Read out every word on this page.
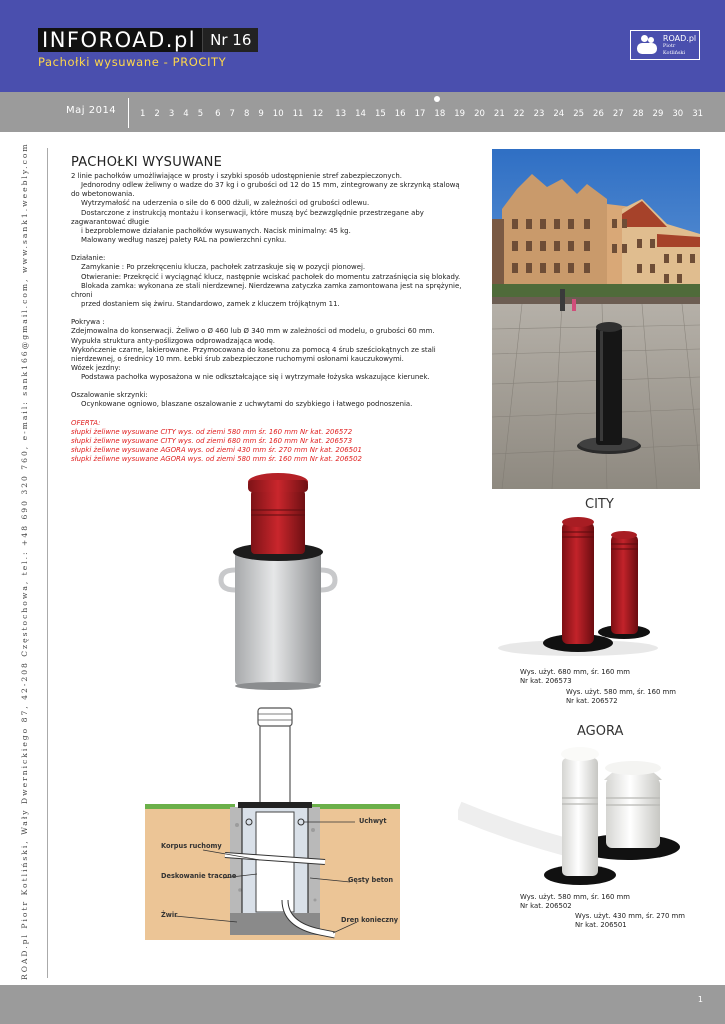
INFOROAD.pl Nr 16
Pachołki wysuwane - PROCITY
ROAD.pl
Piotr Kotliński
Maj 2014	1 2 3 4 5 6 7 8 9 10 11 12 13 14 15 16 17 18 19 20 21 22 23 24 25 26 27 28 29 30 31
ROAD.pl Piotr Kotliński, Wały Dwernickiego 87, 42-208 Częstochowa, tel.: +48 690 320 760, e-mail: sank166@gmail.com, www.sank1.weebly.com	PACHOŁKI WYSUWANE

2 linie pachołków umożliwiające w prosty i szybki sposób udostępnienie stref zabezpieczonych.

Jednorodny odlew żeliwny o wadze do 37 kg i o grubości od 12 do 15 mm, zintegrowany ze skrzynką stalową

do wbetonowania.

Wytrzymałość na uderzenia o sile do 6 000 dżuli, w zależności od grubości odlewu.

Dostarczone z instrukcją montażu i konserwacji, które muszą być bezwzględnie przestrzegane aby

zagwarantować długie

i bezproblemowe działanie pachołków wysuwanych. Nacisk minimalny: 45 kg.

Malowany według naszej palety RAL na powierzchni cynku.

Działanie:

Zamykanie : Po przekręceniu klucza, pachołek zatrzaskuje się w pozycji pionowej.

Otwieranie: Przekręcić i wyciągnąć klucz, następnie wciskać pachołek do momentu zatrzaśnięcia się blokady.

Blokada zamka: wykonana ze stali nierdzewnej. Nierdzewna zatyczka zamka zamontowana jest na sprężynie,

chroni

przed dostaniem się żwiru. Standardowo, zamek z kluczem trójkątnym 11.

Pokrywa :

Zdejmowalna do konserwacji. Żeliwo o Ø 460 lub Ø 340 mm w zależności od modelu, o grubości 60 mm.

Wypukła struktura anty-poślizgowa odprowadzająca wodę.

Wykończenie czarne, lakierowane. Przymocowana do kasetonu za pomocą 4 śrub sześciokątnych ze stali

nierdzewnej, o średnicy 10 mm. Łebki śrub zabezpieczone ruchomymi osłonami kauczukowymi.

Wózek jezdny:

Podstawa pachołka wyposażona w nie odkształcające się i wytrzymałe łożyska wskazujące kierunek.

Oszalowanie skrzynki:

Ocynkowane ogniowo, blaszane oszalowanie z uchwytami do szybkiego i łatwego podnoszenia.

OFERTA:

słupki żeliwne wysuwane CITY wys. od ziemi 580 mm śr. 160 mm Nr kat. 206572

słupki żeliwne wysuwane CITY wys. od ziemi 680 mm śr. 160 mm Nr kat. 206573

słupki żeliwne wysuwane AGORA wys. od ziemi 430 mm śr. 270 mm Nr kat. 206501

słupki żeliwne wysuwane AGORA wys. od ziemi 580 mm śr. 160 mm Nr kat. 206502

Korpus ruchomy
Deskowanie tracone
Żwir
Uchwyt
Gęsty beton
Dren konieczny
CITY
Wys. użyt. 680 mm, śr. 160 mm
Nr kat. 206573
Wys. użyt. 580 mm, śr. 160 mm
Nr kat. 206572
AGORA
Wys. użyt. 580 mm, śr. 160 mm
Nr kat. 206502
Wys. użyt. 430 mm, śr. 270 mm
Nr kat. 206501
1
